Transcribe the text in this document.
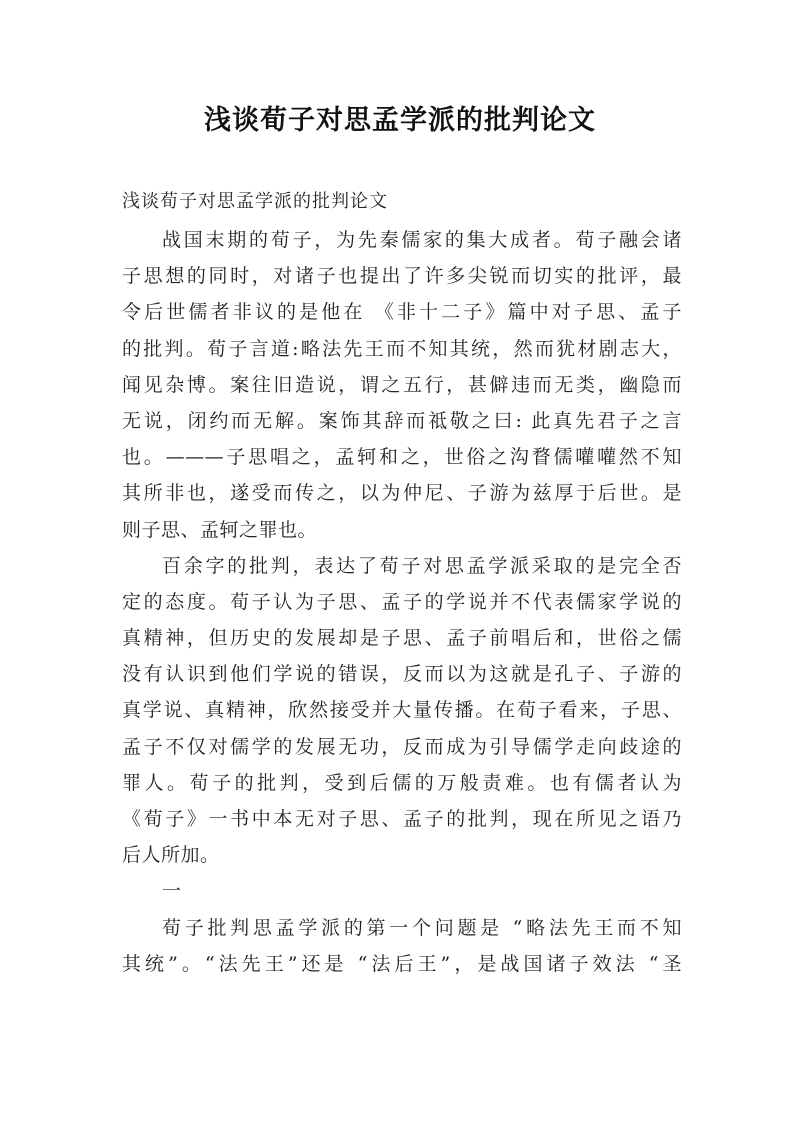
浅谈荀子对思孟学派的批判论文
浅谈荀子对思孟学派的批判论文
战国末期的荀子，为先秦儒家的集大成者。荀子融会诸
子思想的同时，对诸子也提出了许多尖锐而切实的批评，最
令后世儒者非议的是他在 《非十二子》篇中对子思、孟子
的批判。荀子言道:略法先王而不知其统，然而犹材剧志大，
闻见杂博。案往旧造说，谓之五行，甚僻违而无类，幽隐而
无说，闭约而无解。案饰其辞而祗敬之曰: 此真先君子之言
也。———子思唱之，孟轲和之，世俗之沟瞀儒嚾嚾然不知
其所非也，遂受而传之，以为仲尼、子游为兹厚于后世。是
则子思、孟轲之罪也。
百余字的批判，表达了荀子对思孟学派采取的是完全否
定的态度。荀子认为子思、孟子的学说并不代表儒家学说的
真精神，但历史的发展却是子思、孟子前唱后和，世俗之儒
没有认识到他们学说的错误，反而以为这就是孔子、子游的
真学说、真精神，欣然接受并大量传播。在荀子看来，子思、
孟子不仅对儒学的发展无功，反而成为引导儒学走向歧途的
罪人。荀子的批判，受到后儒的万般责难。也有儒者认为
《荀子》一书中本无对子思、孟子的批判，现在所见之语乃
后人所加。
一
荀子批判思孟学派的第一个问题是 “略法先王而不知
其统”。“法先王”还是 “法后王”，是战国诸子效法 “圣
